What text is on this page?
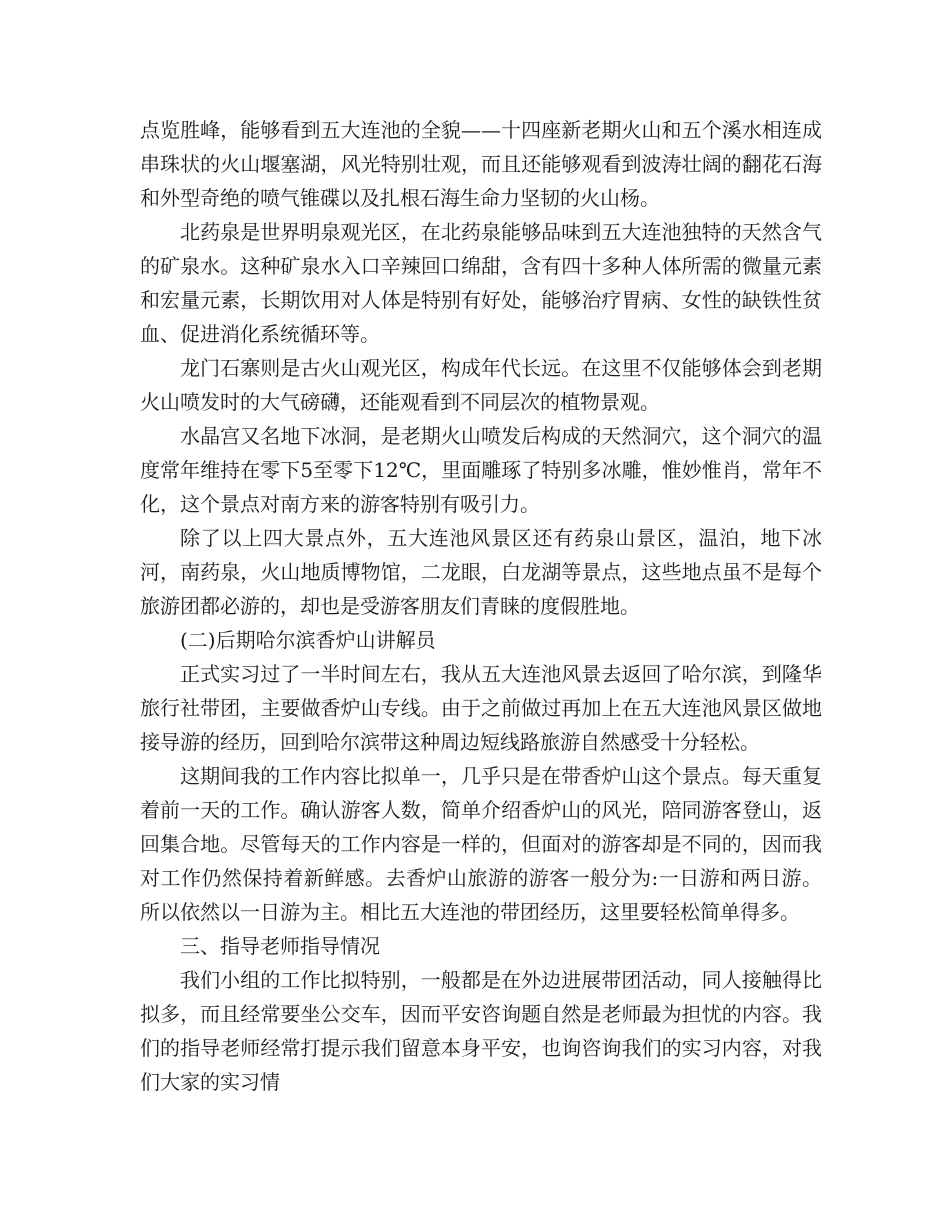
点览胜峰，能够看到五大连池的全貌——十四座新老期火山和五个溪水相连成串珠状的火山堰塞湖，风光特别壮观，而且还能够观看到波涛壮阔的翻花石海和外型奇绝的喷气锥碟以及扎根石海生命力坚韧的火山杨。

北药泉是世界明泉观光区，在北药泉能够品味到五大连池独特的天然含气的矿泉水。这种矿泉水入口辛辣回口绵甜，含有四十多种人体所需的微量元素和宏量元素，长期饮用对人体是特别有好处，能够治疗胃病、女性的缺铁性贫血、促进消化系统循环等。

龙门石寨则是古火山观光区，构成年代长远。在这里不仅能够体会到老期火山喷发时的大气磅礴，还能观看到不同层次的植物景观。

水晶宫又名地下冰洞，是老期火山喷发后构成的天然洞穴，这个洞穴的温度常年维持在零下5至零下12℃，里面雕琢了特别多冰雕，惟妙惟肖，常年不化，这个景点对南方来的游客特别有吸引力。

除了以上四大景点外，五大连池风景区还有药泉山景区，温泊，地下冰河，南药泉，火山地质博物馆，二龙眼，白龙湖等景点，这些地点虽不是每个旅游团都必游的，却也是受游客朋友们青睐的度假胜地。

(二)后期哈尔滨香炉山讲解员

正式实习过了一半时间左右，我从五大连池风景去返回了哈尔滨，到隆华旅行社带团，主要做香炉山专线。由于之前做过再加上在五大连池风景区做地接导游的经历，回到哈尔滨带这种周边短线路旅游自然感受十分轻松。

这期间我的工作内容比拟单一，几乎只是在带香炉山这个景点。每天重复着前一天的工作。确认游客人数，简单介绍香炉山的风光，陪同游客登山，返回集合地。尽管每天的工作内容是一样的，但面对的游客却是不同的，因而我对工作仍然保持着新鲜感。去香炉山旅游的游客一般分为:一日游和两日游。所以依然以一日游为主。相比五大连池的带团经历，这里要轻松简单得多。

三、指导老师指导情况

我们小组的工作比拟特别，一般都是在外边进展带团活动，同人接触得比拟多，而且经常要坐公交车，因而平安咨询题自然是老师最为担忧的内容。我们的指导老师经常打提示我们留意本身平安，也询咨询我们的实习内容，对我们大家的实习情
